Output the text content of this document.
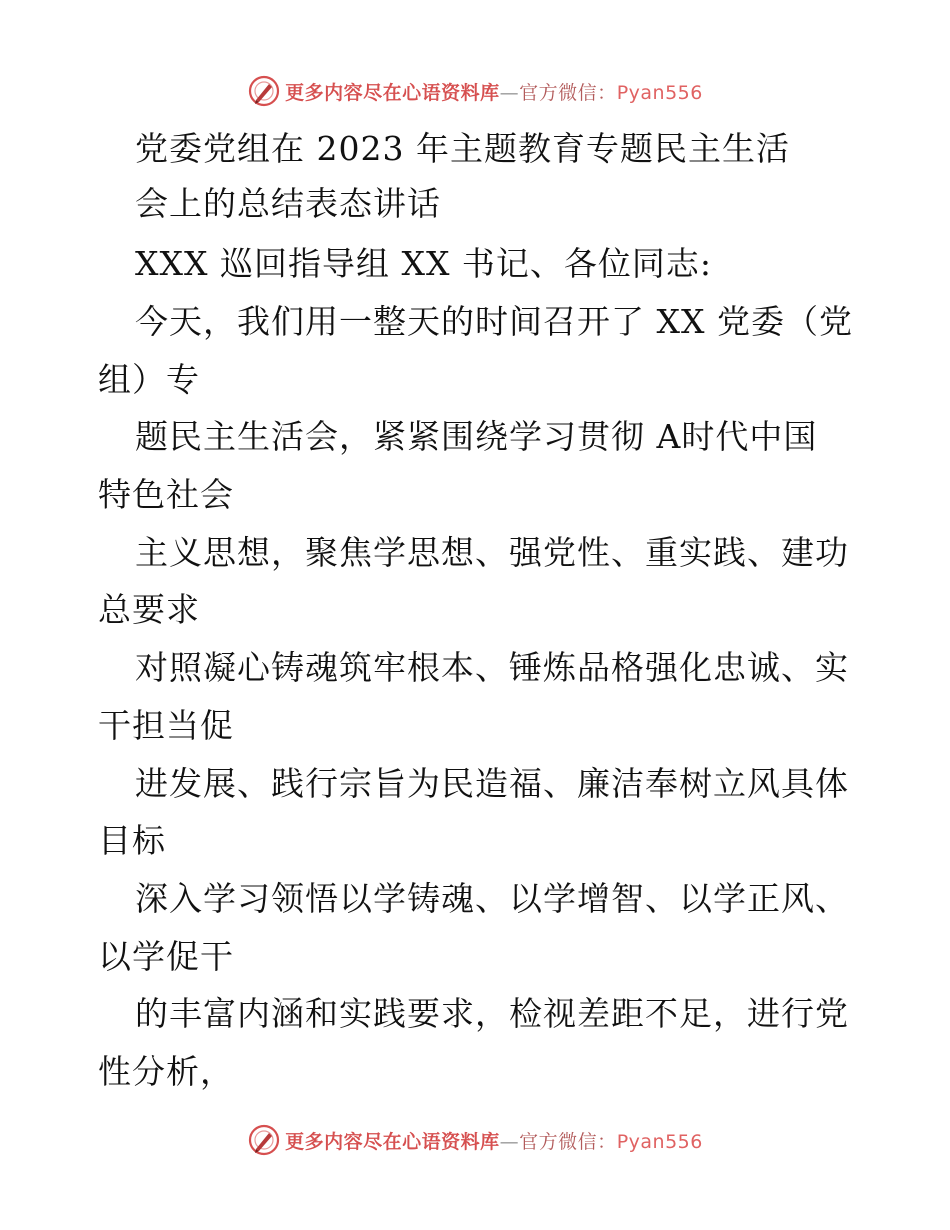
更多内容尽在心语资料库—官方微信：Pyan556
党委党组在 2023 年主题教育专题民主生活
会上的总结表态讲话
XXX 巡回指导组 XX 书记、各位同志:
今天，我们用一整天的时间召开了 XX 党委（党
组）专
题民主生活会，紧紧围绕学习贯彻 A时代中国
特色社会
主义思想，聚焦学思想、强党性、重实践、建功
总要求
对照凝心铸魂筑牢根本、锤炼品格强化忠诚、实
干担当促
进发展、践行宗旨为民造福、廉洁奉树立风具体
目标
深入学习领悟以学铸魂、以学增智、以学正风、
以学促干
的丰富内涵和实践要求，检视差距不足，进行党
性分析，
更多内容尽在心语资料库—官方微信：Pyan556
